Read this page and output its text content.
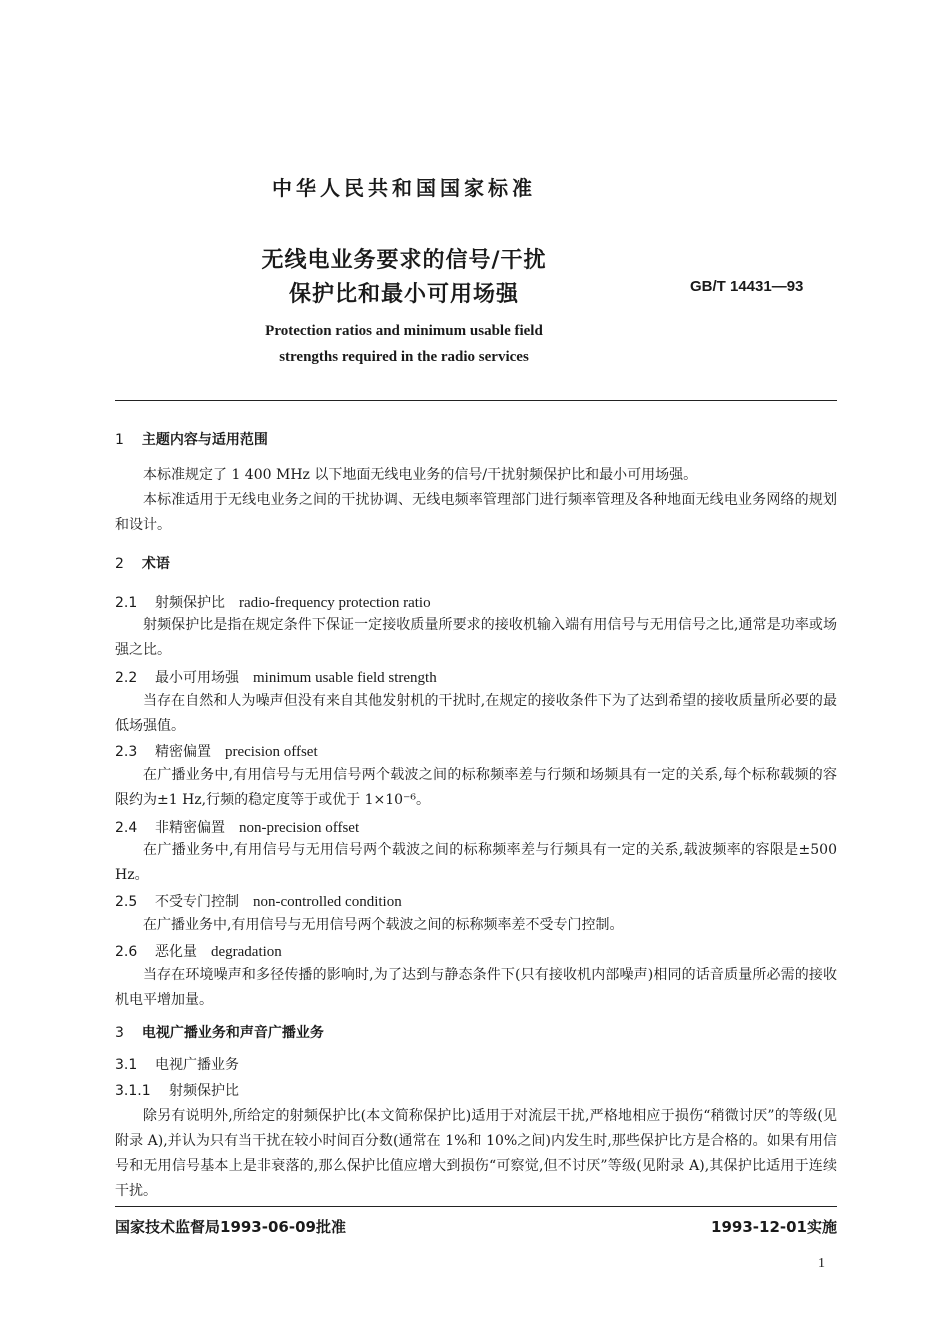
中华人民共和国国家标准
无线电业务要求的信号/干扰
保护比和最小可用场强	GB/T 14431—93
Protection ratios and minimum usable field
strengths required in the radio services
1 主题内容与适用范围
本标准规定了 1 400 MHz 以下地面无线电业务的信号/干扰射频保护比和最小可用场强。
本标准适用于无线电业务之间的干扰协调、无线电频率管理部门进行频率管理及各种地面无线电业务网络的规划和设计。
2 术语
2.1 射频保护比 radio-frequency protection ratio
射频保护比是指在规定条件下保证一定接收质量所要求的接收机输入端有用信号与无用信号之比,通常是功率或场强之比。
2.2 最小可用场强 minimum usable field strength
当存在自然和人为噪声但没有来自其他发射机的干扰时,在规定的接收条件下为了达到希望的接收质量所必要的最低场强值。
2.3 精密偏置 precision offset
在广播业务中,有用信号与无用信号两个载波之间的标称频率差与行频和场频具有一定的关系,每个标称载频的容限约为±1 Hz,行频的稳定度等于或优于 1×10⁻⁶。
2.4 非精密偏置 non-precision offset
在广播业务中,有用信号与无用信号两个载波之间的标称频率差与行频具有一定的关系,载波频率的容限是±500 Hz。
2.5 不受专门控制 non-controlled condition
在广播业务中,有用信号与无用信号两个载波之间的标称频率差不受专门控制。
2.6 恶化量 degradation
当存在环境噪声和多径传播的影响时,为了达到与静态条件下(只有接收机内部噪声)相同的话音质量所必需的接收机电平增加量。
3 电视广播业务和声音广播业务
3.1 电视广播业务
3.1.1 射频保护比
除另有说明外,所给定的射频保护比(本文简称保护比)适用于对流层干扰,严格地相应于损伤“稍微讨厌”的等级(见附录 A),并认为只有当干扰在较小时间百分数(通常在 1%和 10%之间)内发生时,那些保护比方是合格的。如果有用信号和无用信号基本上是非衰落的,那么保护比值应增大到损伤“可察觉,但不讨厌”等级(见附录 A),其保护比适用于连续干扰。
国家技术监督局1993-06-09批准	1993-12-01实施
1
